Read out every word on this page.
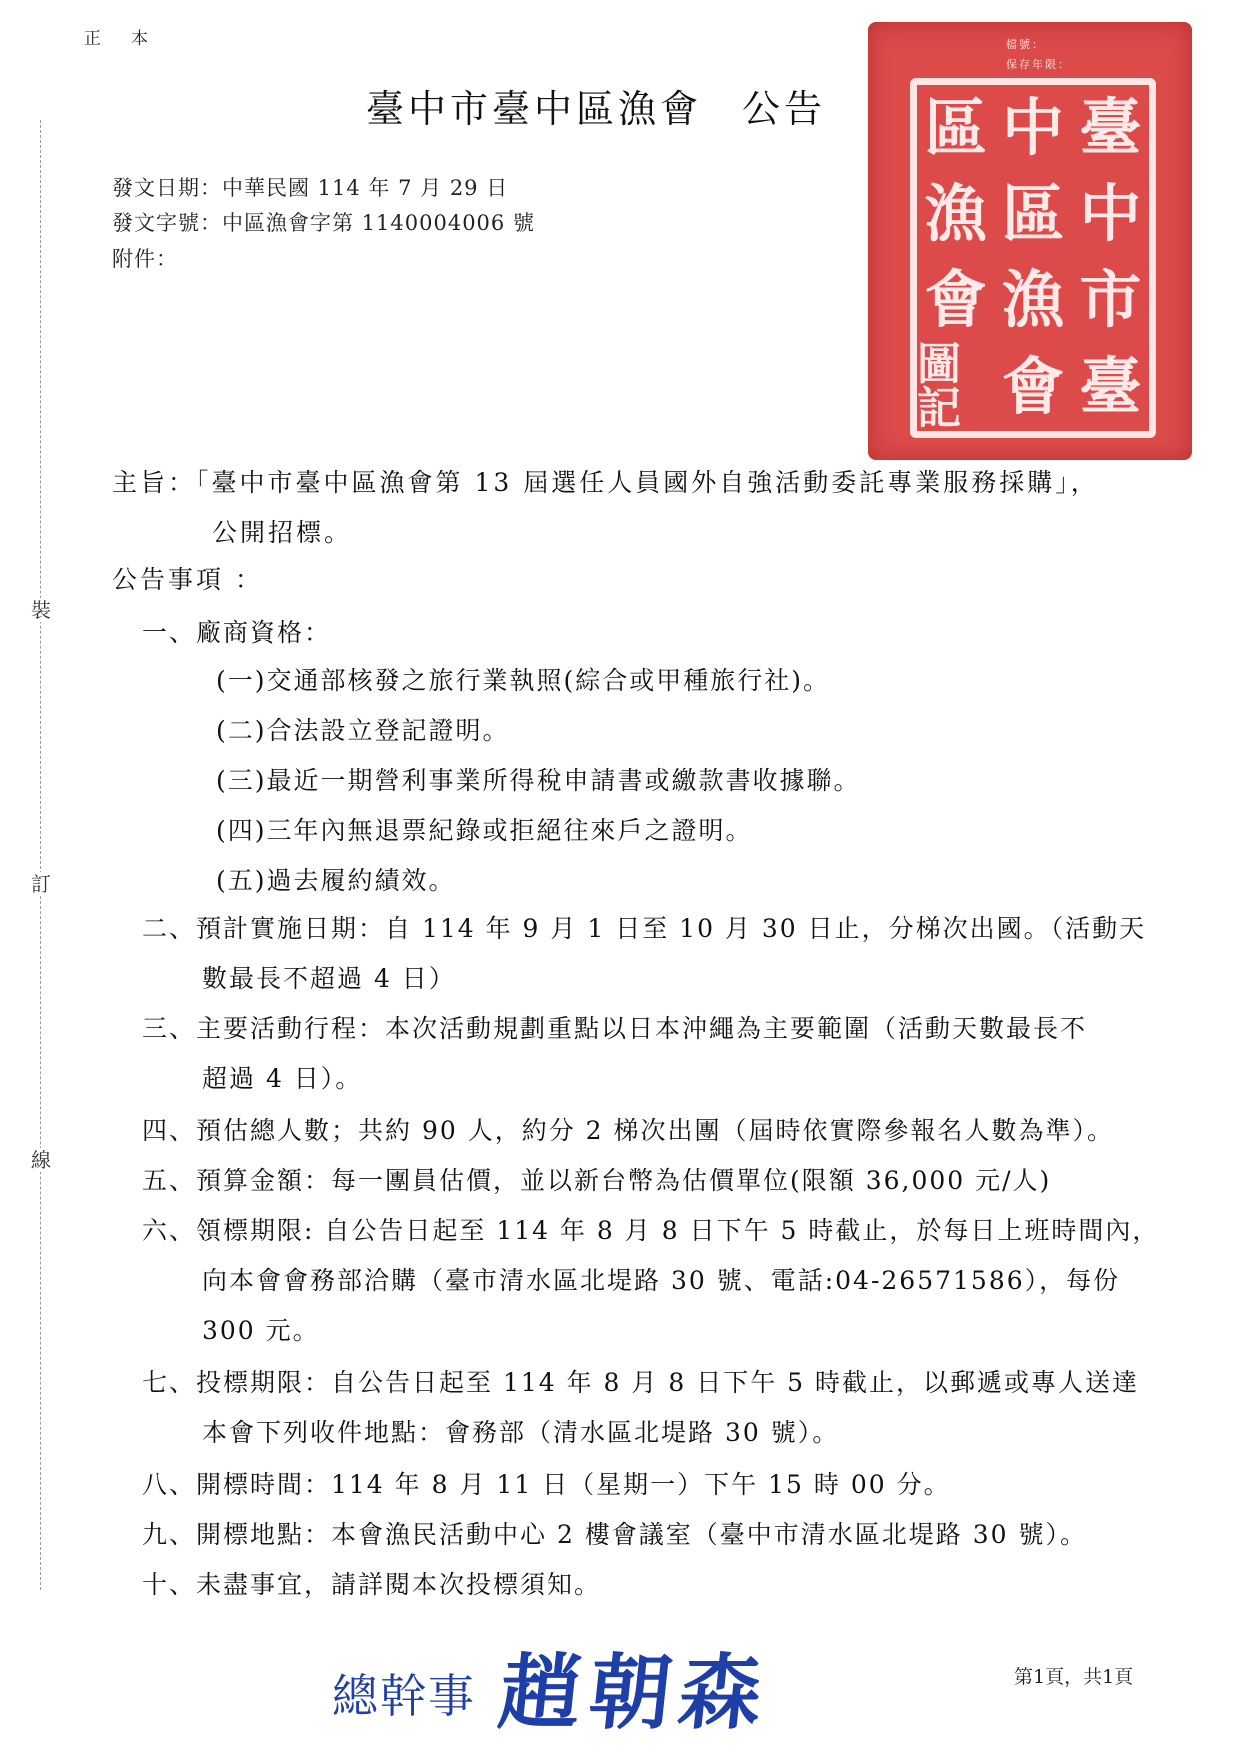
裝
訂
線
正本
臺中市臺中區漁會 公告
發文日期：中華民國 114 年 7 月 29 日
發文字號：中區漁會字第 1140004006 號
附件：
檔號：
保存年限：
臺
中
市
臺
中
區
漁
會
區
漁
會
圖記
主旨：「臺中市臺中區漁會第 13 屆選任人員國外自強活動委託專業服務採購」，
公開招標。
公告事項 ：
一、廠商資格：
(一)交通部核發之旅行業執照(綜合或甲種旅行社)。
(二)合法設立登記證明。
(三)最近一期營利事業所得稅申請書或繳款書收據聯。
(四)三年內無退票紀錄或拒絕往來戶之證明。
(五)過去履約績效。
二、預計實施日期：自 114 年 9 月 1 日至 10 月 30 日止，分梯次出國。（活動天
數最長不超過 4 日）
三、主要活動行程：本次活動規劃重點以日本沖繩為主要範圍（活動天數最長不
超過 4 日）。
四、預估總人數；共約 90 人，約分 2 梯次出團（屆時依實際參報名人數為準）。
五、預算金額：每一團員估價，並以新台幣為估價單位(限額 36,000 元/人)
六、領標期限: 自公告日起至 114 年 8 月 8 日下午 5 時截止，於每日上班時間內，
向本會會務部洽購（臺市清水區北堤路 30 號、電話:04-26571586），每份
300 元。
七、投標期限：自公告日起至 114 年 8 月 8 日下午 5 時截止，以郵遞或專人送達
本會下列收件地點：會務部（清水區北堤路 30 號）。
八、開標時間：114 年 8 月 11 日（星期一）下午 15 時 00 分。
九、開標地點：本會漁民活動中心 2 樓會議室（臺中市清水區北堤路 30 號）。
十、未盡事宜，請詳閱本次投標須知。
總幹事 趙朝森	第1頁，共1頁
